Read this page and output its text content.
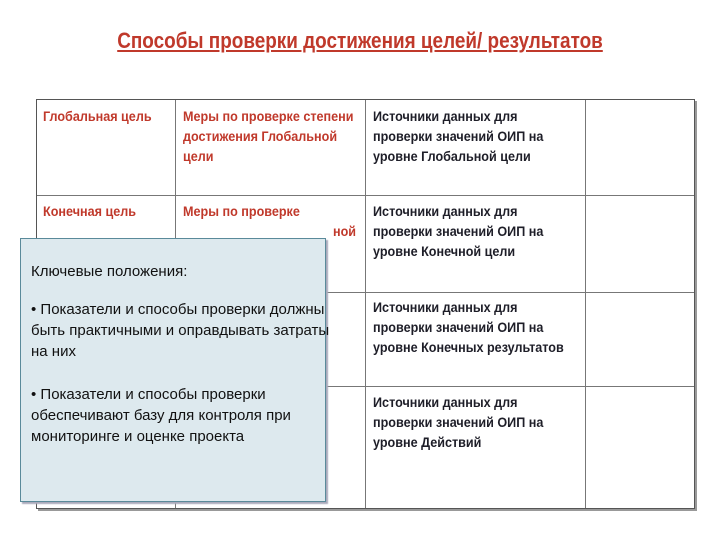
Способы проверки достижения целей/ результатов
Глобальная цель	Меры по проверке степени достижения Глобальной цели
Источники данных для проверки значений ОИП на уровне Глобальной цели
Конечная цель	Меры по проверке
ной
Источники данных для проверки значений ОИП на уровне Конечной цели
Источники данных для проверки значений ОИП на уровне Конечных результатов
Источники данных для проверки значений ОИП на уровне Действий
Ключевые положения:
• Показатели и способы проверки должны быть практичными и оправдывать затраты на них
• Показатели и способы проверки обеспечивают базу для контроля при мониторинге и оценке проекта
